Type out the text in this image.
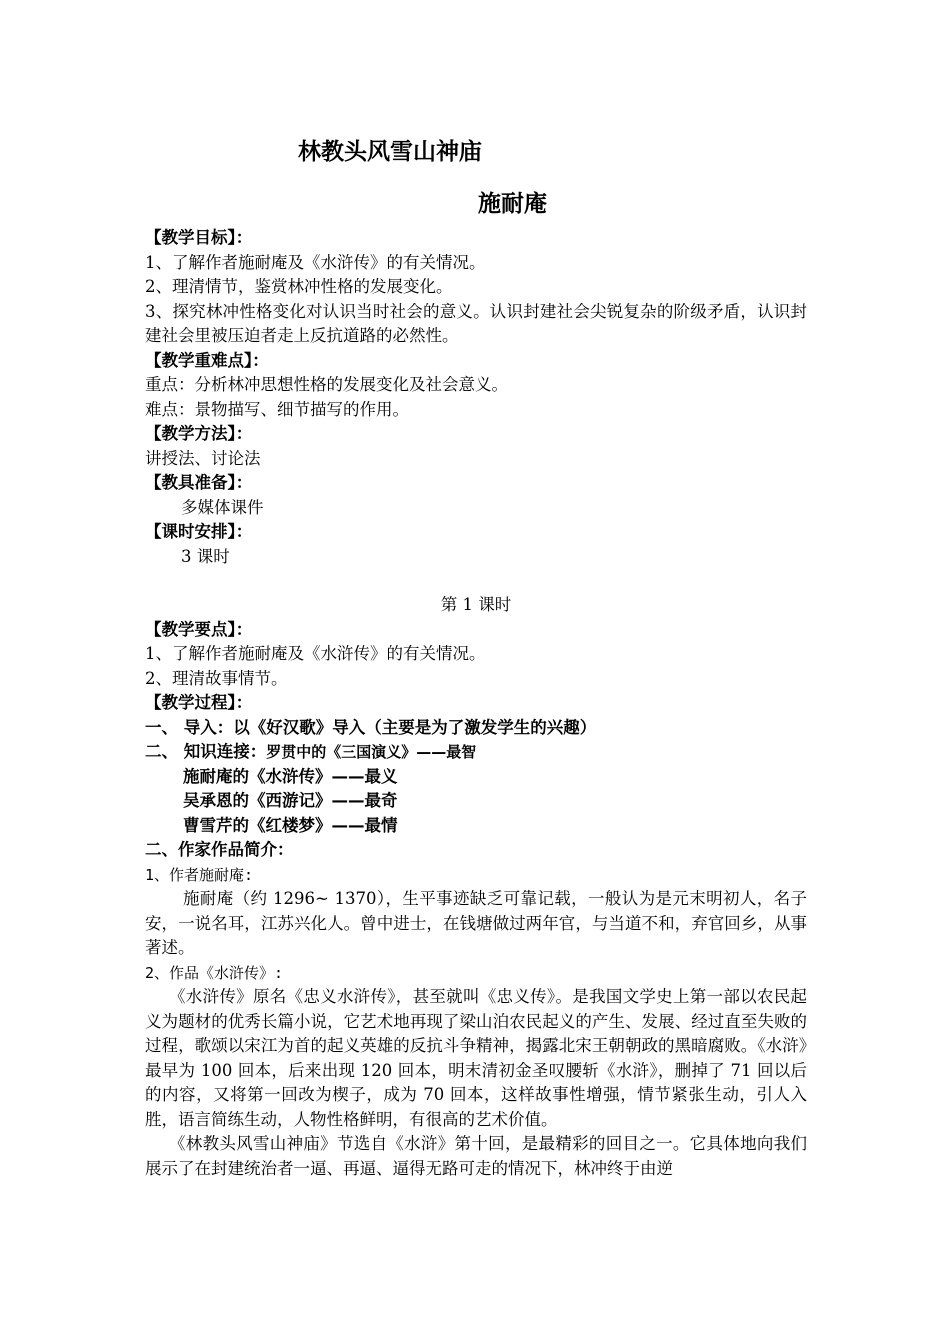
林教头风雪山神庙
施耐庵

【教学目标】：

1、了解作者施耐庵及《水浒传》的有关情况。

2、理清情节，鉴赏林冲性格的发展变化。

3、探究林冲性格变化对认识当时社会的意义。认识封建社会尖锐复杂的阶级矛盾，认识封建社会里被压迫者走上反抗道路的必然性。

【教学重难点】：

重点：分析林冲思想性格的发展变化及社会意义。

难点：景物描写、细节描写的作用。

【教学方法】：

讲授法、讨论法

【教具准备】：

多媒体课件

【课时安排】：

3 课时

第 1 课时

【教学要点】：

1、了解作者施耐庵及《水浒传》的有关情况。

2、理清故事情节。

【教学过程】：

一、 导入：以《好汉歌》导入（主要是为了激发学生的兴趣）

二、 知识连接：罗贯中的《三国演义》——最智

施耐庵的《水浒传》——最义

吴承恩的《西游记》——最奇

曹雪芹的《红楼梦》——最情

二、作家作品简介：

1、作者施耐庵:

施耐庵（约 1296~ 1370），生平事迹缺乏可靠记载，一般认为是元末明初人，名子安，一说名耳，江苏兴化人。曾中进士，在钱塘做过两年官，与当道不和，弃官回乡，从事著述。

2、作品《水浒传》:

《水浒传》原名《忠义水浒传》，甚至就叫《忠义传》。是我国文学史上第一部以农民起义为题材的优秀长篇小说，它艺术地再现了梁山泊农民起义的产生、发展、经过直至失败的过程，歌颂以宋江为首的起义英雄的反抗斗争精神，揭露北宋王朝朝政的黑暗腐败。《水浒》最早为 100 回本，后来出现 120 回本，明末清初金圣叹腰斩《水浒》，删掉了 71 回以后的内容，又将第一回改为楔子，成为 70 回本，这样故事性增强，情节紧张生动，引人入胜，语言简练生动，人物性格鲜明，有很高的艺术价值。

《林教头风雪山神庙》节选自《水浒》第十回，是最精彩的回目之一。它具体地向我们展示了在封建统治者一逼、再逼、逼得无路可走的情况下，林冲终于由逆
